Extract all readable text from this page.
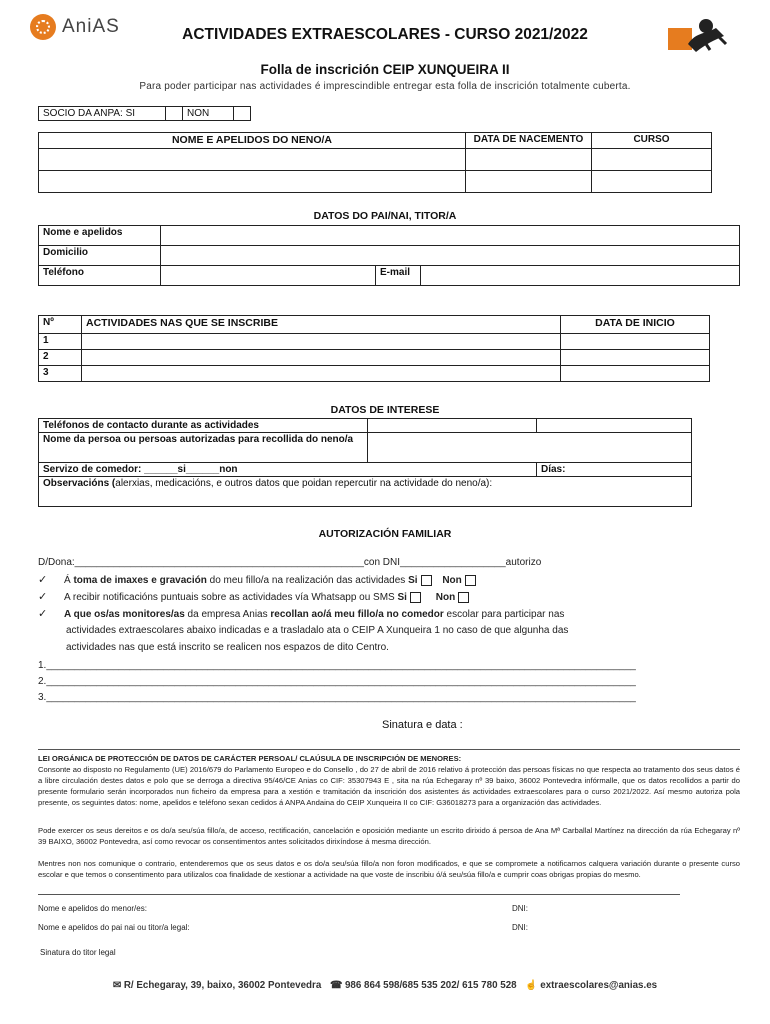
AniAS	ACTIVIDADES EXTRAESCOLARES - CURSO 2021/2022
Folla de inscrición CEIP XUNQUEIRA II
Para poder participar nas actividades é imprescindible entregar esta folla de inscrición totalmente cuberta.
SOCIO DA ANPA: SI		NON	
NOME E APELIDOS DO NENO/A	DATA DE NACEMENTO	CURSO

DATOS DO PAI/NAI, TITOR/A
Nome e apelidos			
Domicilio			
Teléfono		E-mail	
Nº	ACTIVIDADES NAS QUE SE INSCRIBE	DATA DE INICIO
1		
2		
3		
DATOS DE INTERESE
Teléfonos de contacto durante as actividades		
Nome da persoa ou persoas autorizadas para recollida do neno/a		
Servizo de comedor: ______si______non		Días:
Observacións (alerxias, medicacións, e outros datos que poidan repercutir na actividade do neno/a):		
AUTORIZACIÓN FAMILIAR
D/Dona:____________________________________________________con DNI___________________autorizo
✓ Á toma de imaxes e gravación do meu fillo/a na realización das actividades Si Non
✓ A recibir notificacións puntuais sobre as actividades vía Whatsapp ou SMS Si	Non
✓ A que os/as monitores/as da empresa Anias recollan ao/á meu fillo/a no comedor escolar para participar nas
actividades extraescolares abaixo indicadas e a trasladalo ata o CEIP A Xunqueira 1 no caso de que algunha das
actividades nas que está inscrito se realicen nos espazos de dito Centro.
1.__________________________________________________________________________________________________________
2.__________________________________________________________________________________________________________
3.__________________________________________________________________________________________________________
Sinatura e data :
LEI ORGÁNICA DE PROTECCIÓN DE DATOS DE CARÁCTER PERSOAL/ CLAÚSULA DE INSCRIPCIÓN DE MENORES:
Consonte ao disposto no Regulamento (UE) 2016/679 do Parlamento Europeo e do Consello , do 27 de abril de 2016 relativo á protección das persoas físicas no que respecta ao tratamento dos seus datos é a libre circulación destes datos e polo que se derroga a directiva 95/46/CE Anias co CIF: 35307943 E , sita na rúa Echegaray nº 39 baixo, 36002 Pontevedra infórmalle, que os datos recollidos a partir do presente formulario serán incorporados nun ficheiro da empresa para a xestión e tramitación da inscrición dos asistentes ás actividades extraescolares para o curso 2021/2022. Así mesmo autoriza pola presente, os seguintes datos: nome, apelidos e teléfono sexan cedidos á ANPA Andaina do CEIP Xunqueira II co CIF: G36018273 para a organización das actividades.
Pode exercer os seus dereitos e os do/a seu/súa fillo/a, de acceso, rectificación, cancelación e oposición mediante un escrito dirixido á persoa de Ana Mª Carballal Martínez na dirección da rúa Echegaray nº 39 BAIXO, 36002 Pontevedra, así como revocar os consentimentos antes solicitados dirixíndose á mesma dirección.
Mentres non nos comunique o contrario, entenderemos que os seus datos e os do/a seu/súa fillo/a non foron modificados, e que se compromete a notificarnos calquera variación durante o presente curso escolar e que temos o consentimento para utilizalos coa finalidade de xestionar a actividade na que voste de inscribiu ó/á seu/súa fillo/a e cumprir coas obrigas propias do mesmo.
Nome e apelidos do menor/es:	DNI:
Nome e apelidos do pai nai ou titor/a legal:	DNI:
Sinatura do titor legal
✉ R/ Echegaray, 39, baixo, 36002 Pontevedra ☎ 986 864 598/685 535 202/ 615 780 528 ☝ extraescolares@anias.es
